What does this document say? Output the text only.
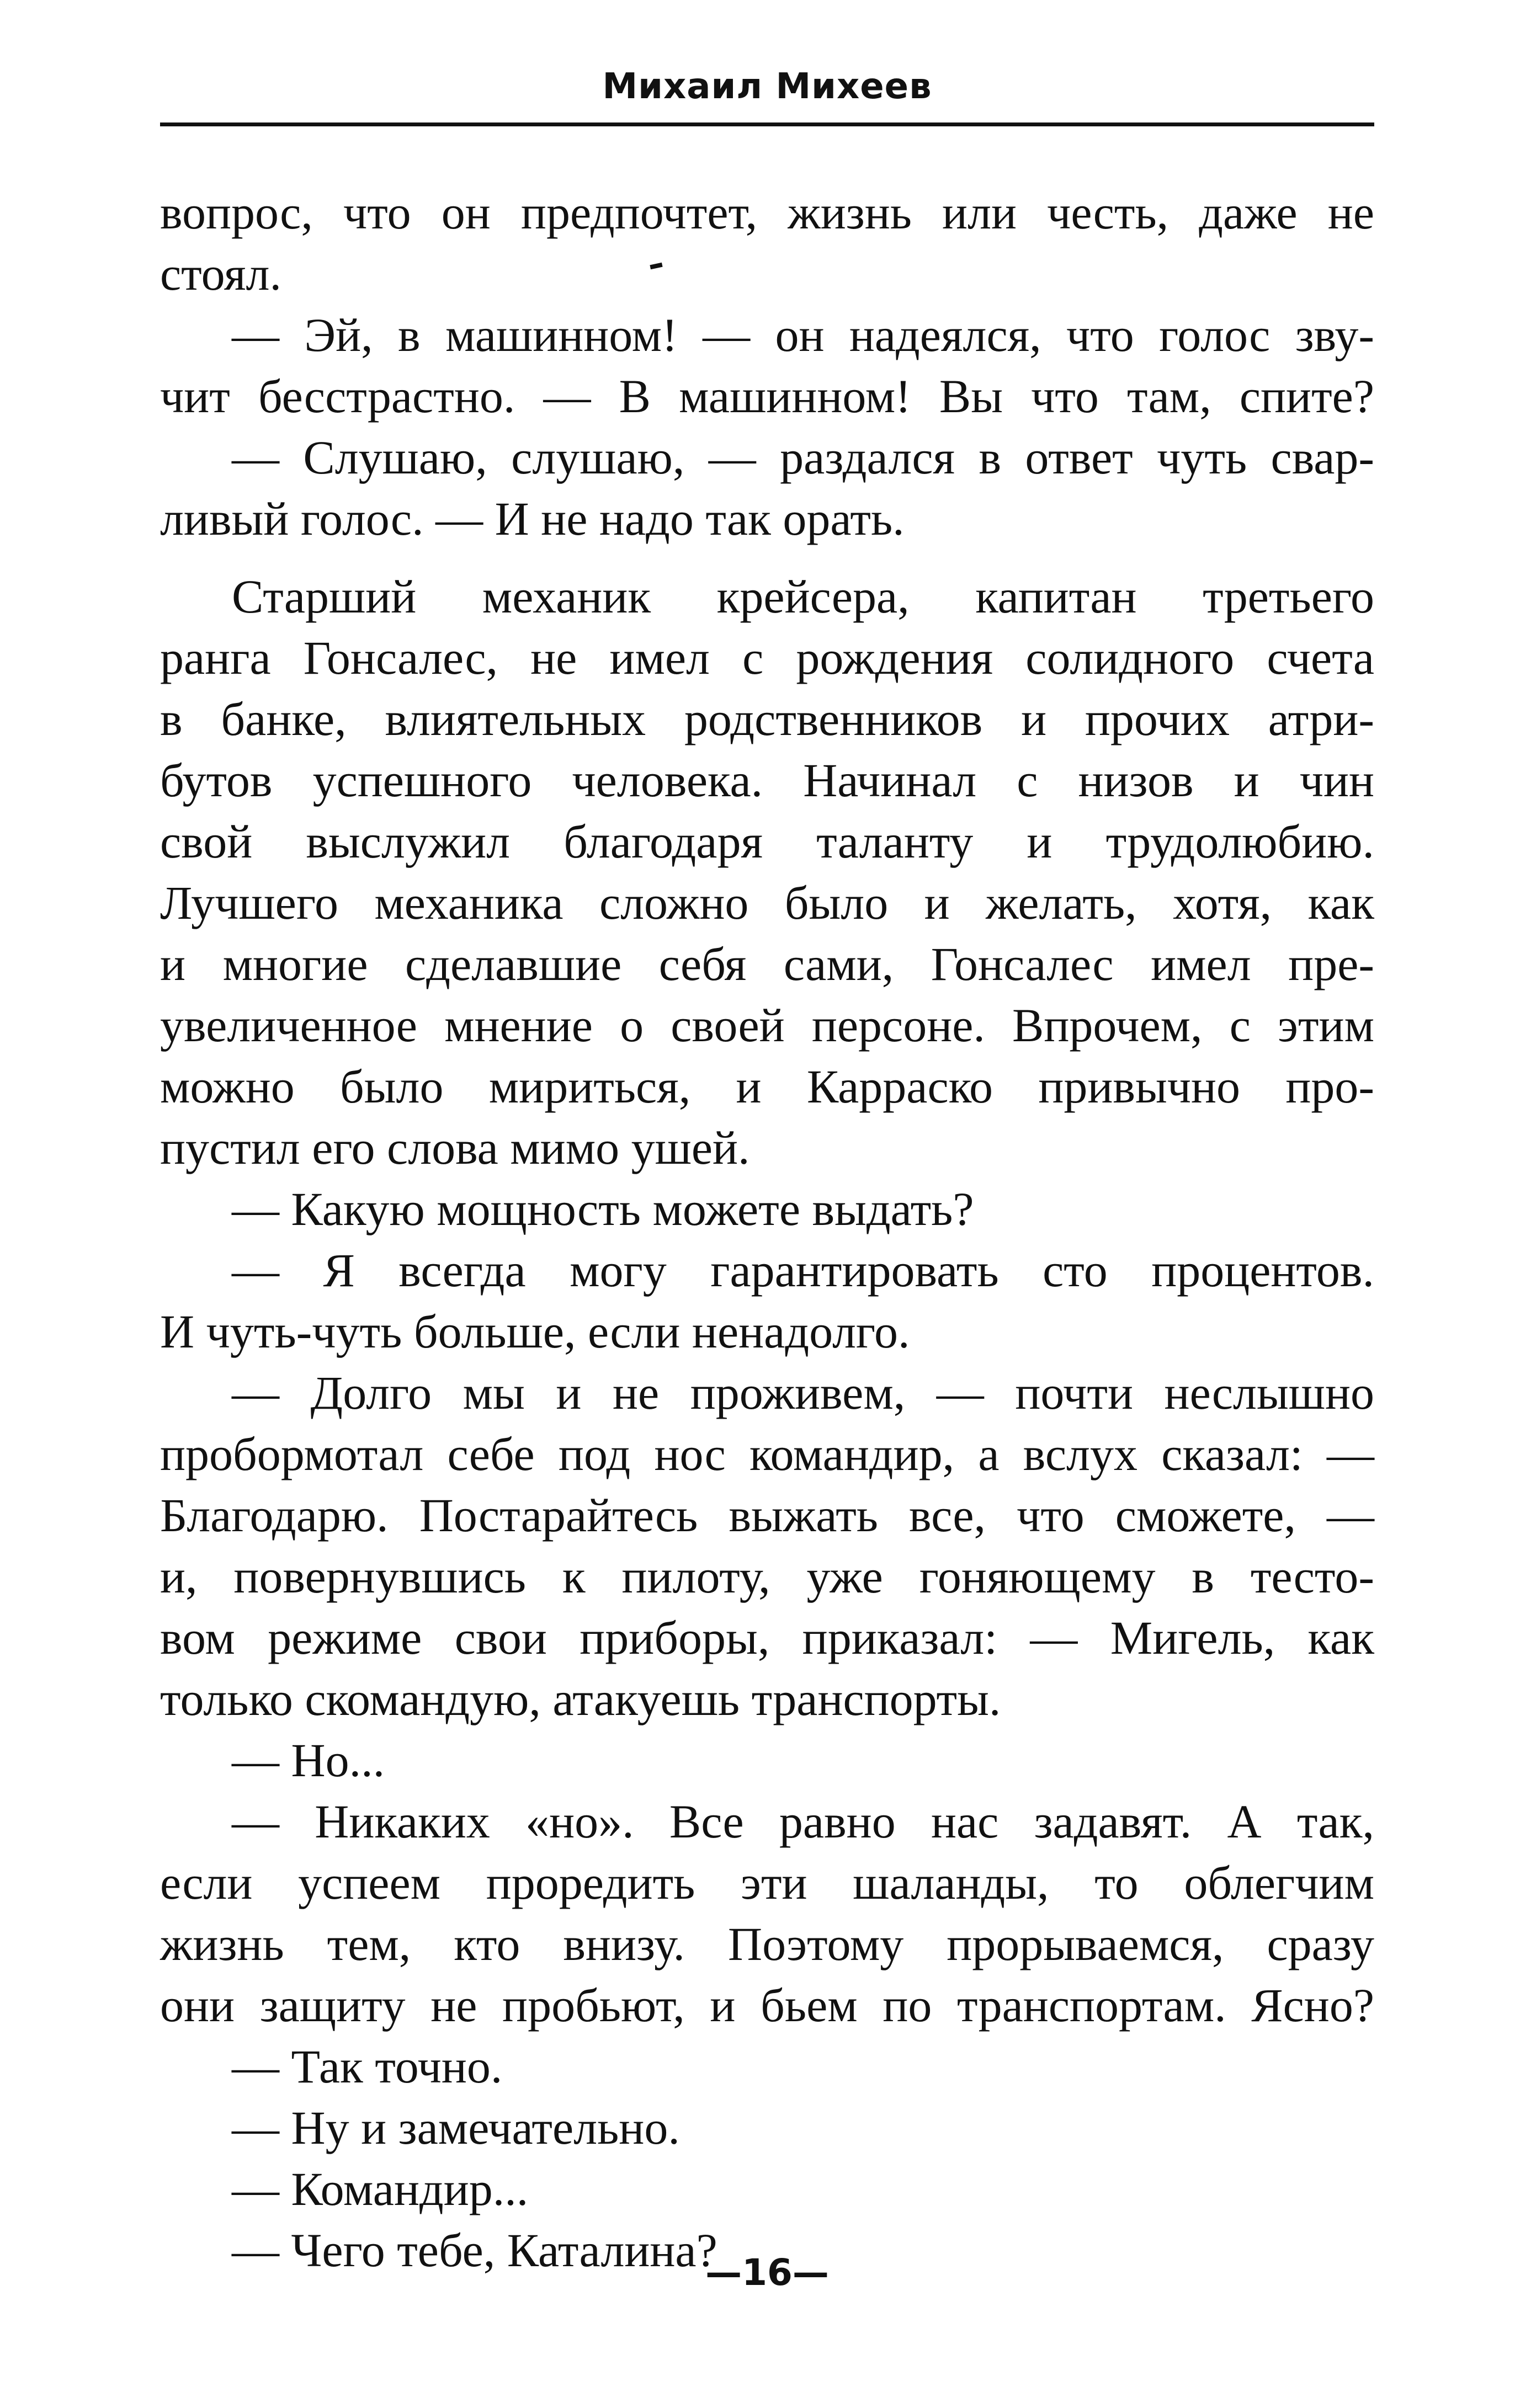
Михаил Михеев
вопрос, что он предпочтет, жизнь или честь, даже не
стоял.
— Эй, в машинном! — он надеялся, что голос зву-
чит бесстрастно. — В машинном! Вы что там, спите?
— Слушаю, слушаю, — раздался в ответ чуть свар-
ливый голос. — И не надо так орать.
Старший механик крейсера, капитан третьего
ранга Гонсалес, не имел с рождения солидного счета
в банке, влиятельных родственников и прочих атри-
бутов успешного человека. Начинал с низов и чин
свой выслужил благодаря таланту и трудолюбию.
Лучшего механика сложно было и желать, хотя, как
и многие сделавшие себя сами, Гонсалес имел пре-
увеличенное мнение о своей персоне. Впрочем, с этим
можно было мириться, и Карраско привычно про-
пустил его слова мимо ушей.
— Какую мощность можете выдать?
— Я всегда могу гарантировать сто процентов.
И чуть-чуть больше, если ненадолго.
— Долго мы и не проживем, — почти неслышно
пробормотал себе под нос командир, а вслух сказал: —
Благодарю. Постарайтесь выжать все, что сможете, —
и, повернувшись к пилоту, уже гоняющему в тесто-
вом режиме свои приборы, приказал: — Мигель, как
только скомандую, атакуешь транспорты.
— Но...
— Никаких «но». Все равно нас задавят. А так,
если успеем проредить эти шаланды, то облегчим
жизнь тем, кто внизу. Поэтому прорываемся, сразу
они защиту не пробьют, и бьем по транспортам. Ясно?
— Так точно.
— Ну и замечательно.
— Командир...
— Чего тебе, Каталина?
—16—
